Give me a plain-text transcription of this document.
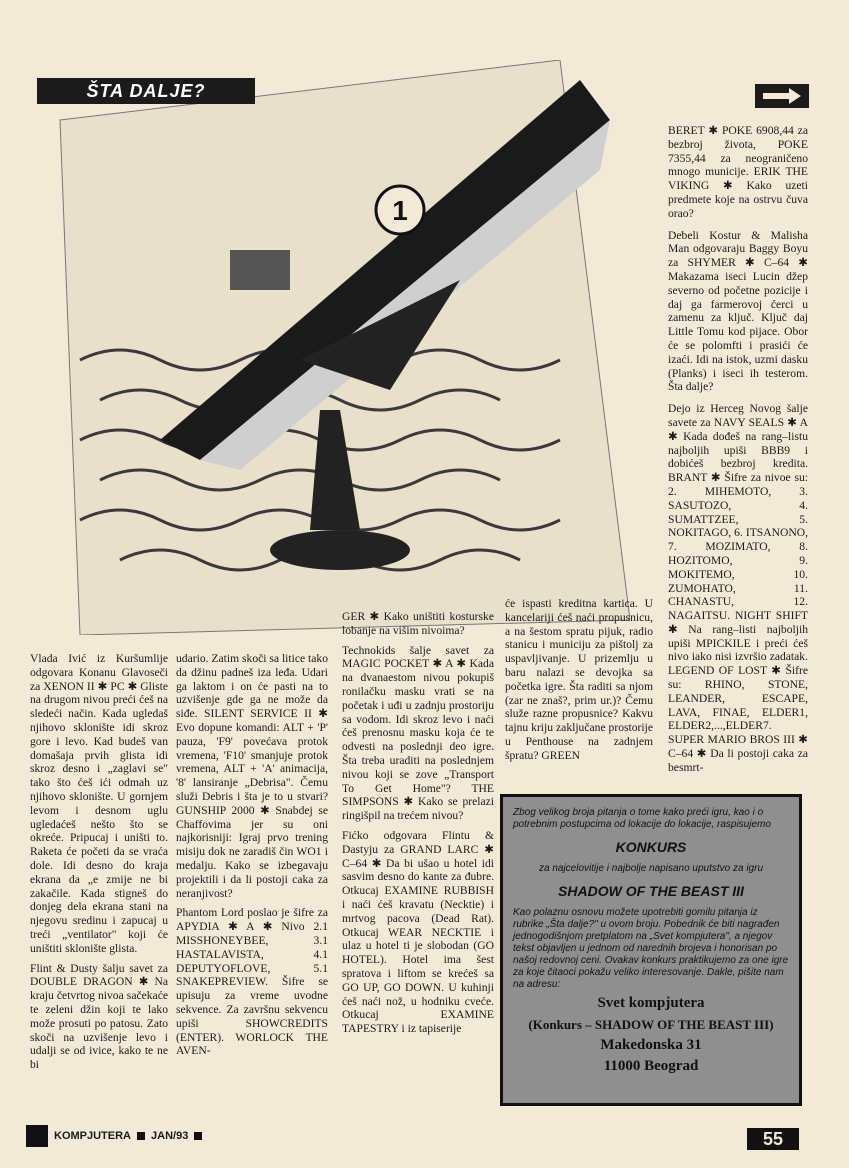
1
ŠTA DALJE?

Vlada Ivić iz Kuršumlije odgovara Konanu Glavoseči za XENON II ✱ PC ✱ Gliste na drugom nivou preći ćeš na sledeći način. Kada ugledaš njihovo sklonište idi skroz gore i levo. Kad budeš van domašaja prvih glista idi skroz desno i „zaglavi se" tako što ćeš ići odmah uz njihovo sklonište. U gornjem levom i desnom uglu ugledaćeš nešto što se okreće. Pripucaj i uništi to. Raketa će početi da se vraća dole. Idi desno do kraja ekrana da „e zmije ne bi zakačile. Kada stigneš do donjeg dela ekrana stani na njegovu sredinu i zapucaj u treći „ventilator" koji će uništiti sklonište glista.

Flint & Dusty šalju savet za DOUBLE DRAGON ✱ Na kraju četvrtog nivoa sačekaće te zeleni džin koji te lako može prosuti po patosu. Zato skoči na uzvišenje levo i udalji se od ivice, kako te ne bi

udario. Zatim skoči sa litice tako da džinu padneš iza leđa. Udari ga laktom i on će pasti na to uzvišenje gde ga ne može da siđe. SILENT SERVICE II ✱ Evo dopune komandi: ALT + 'P' pauza, 'F9' povećava protok vremena, 'F10' smanjuje protok vremena, ALT + 'A' animacija, '8' lansiranje „Debrisa". Čemu služi Debris i šta je to u stvari? GUNSHIP 2000 ✱ Snabdej se Chaffovima jer su oni najkorisniji: Igraj prvo trening misiju dok ne zaradiš čin WO1 i medalju. Kako se izbegavaju projektili i da li postoji caka za neranjivost?

Phantom Lord poslao je šifre za APYDIA ✱ A ✱ Nivo 2.1 MISSHONEYBEE, 3.1 HASTALAVISTA, 4.1 DEPUTYOFLOVE, 5.1 SNAKEPREVIEW. Šifre se upisuju za vreme uvodne sekvence. Za završnu sekvencu upiši SHOWCREDITS (ENTER). WORLOCK THE AVEN-

GER ✱ Kako uništiti kosturske lobanje na višim nivoima?

Technokids šalje savet za MAGIC POCKET ✱ A ✱ Kada na dvanaestom nivou pokupiš ronilačku masku vrati se na početak i uđi u zadnju prostoriju sa vodom. Idi skroz levo i naći ćeš prenosnu masku koja će te odvesti na poslednji deo igre. Šta treba uraditi na poslednjem nivou koji se zove „Transport To Get Home"? THE SIMPSONS ✱ Kako se prelazi ringišpil na trećem nivou?

Fićko odgovara Flintu & Dastyju za GRAND LARC ✱ C–64 ✱ Da bi ušao u hotel idi sasvim desno do kante za đubre. Otkucaj EXAMINE RUBBISH i naći ćeš kravatu (Necktie) i mrtvog pacova (Dead Rat). Otkucaj WEAR NECKTIE i ulaz u hotel ti je slobodan (GO HOTEL). Hotel ima šest spratova i liftom se krećeš sa GO UP, GO DOWN. U kuhinji ćeš naći nož, u hodniku cveće. Otkucaj EXAMINE TAPESTRY i iz tapiserije

će ispasti kreditna kartica. U kancelariji ćeš naći propusnicu, a na šestom spratu pijuk, radio stanicu i municiju za pištolj za uspavljivanje. U prizemlju u baru nalazi se devojka sa početka igre. Šta raditi sa njom (zar ne znaš?, prim ur.)? Čemu služe razne propusnice? Kakvu tajnu kriju zaključane prostorije u Penthouse na zadnjem špratu? GREEN

BERET ✱ POKE 6908,44 za bezbroj života, POKE 7355,44 za neograničeno mnogo municije. ERIK THE VIKING ✱ Kako uzeti predmete koje na ostrvu čuva orao?

Debeli Kostur & Malisha Man odgovaraju Baggy Boyu za SHYMER ✱ C–64 ✱ Makazama iseci Lucin džep severno od početne pozicije i daj ga farmerovoj ćerci u zamenu za ključ. Ključ daj Little Tomu kod pijace. Obor će se polomfti i prasići će izaći. Idi na istok, uzmi dasku (Planks) i iseci ih testerom. Šta dalje?

Dejo iz Herceg Novog šalje savete za NAVY SEALS ✱ A ✱ Kada dođeš na rang–listu najboljih upiši BBB9 i dobićeš bezbroj kredita. BRANT ✱ Šifre za nivoe su: 2. MIHEMOTO, 3. SASUTOZO, 4. SUMATTZEE, 5. NOKITAGO, 6. ITSANONO, 7. MOZIMATO, 8. HOZITOMO, 9. MOKITEMO, 10. ZUMOHATO, 11. CHANASTU, 12. NAGAITSU. NIGHT SHIFT ✱ Na rang–listi najboljih upiši MPICKILE i preći ćeš nivo iako nisi izvršio zadatak. LEGEND OF LOST ✱ Šifre su: RHINO, STONE, LEANDER, ESCAPE, LAVA, FINAE, ELDER1, ELDER2,...,ELDER7. SUPER MARIO BROS III ✱ C–64 ✱ Da li postoji caka za besmrt-

Zbog velikog broja pitanja o tome kako preći igru, kao i o potrebnim postupcima od lokacije do lokacije, raspisujemo
KONKURS
za najcelovitije i najbolje napisano uputstvo za igru
SHADOW OF THE BEAST III
Kao polaznu osnovu možete upotrebiti gomilu pitanja iz rubrike „Šta dalje?" u ovom broju. Pobednik će biti nagrađen jednogodišnjom pretplatom na „Svet kompjutera", a njegov tekst objavljen u jednom od narednih brojeva i honorisan po našoj redovnoj ceni. Ovakav konkurs praktikujemo za one igre za koje čitaoci pokažu veliko interesovanje. Dakle, pišite nam na adresu:
Svet kompjutera
(Konkurs – SHADOW OF THE BEAST III)
Makedonska 31
11000 Beograd
KOMPJUTERA JAN/93	55
